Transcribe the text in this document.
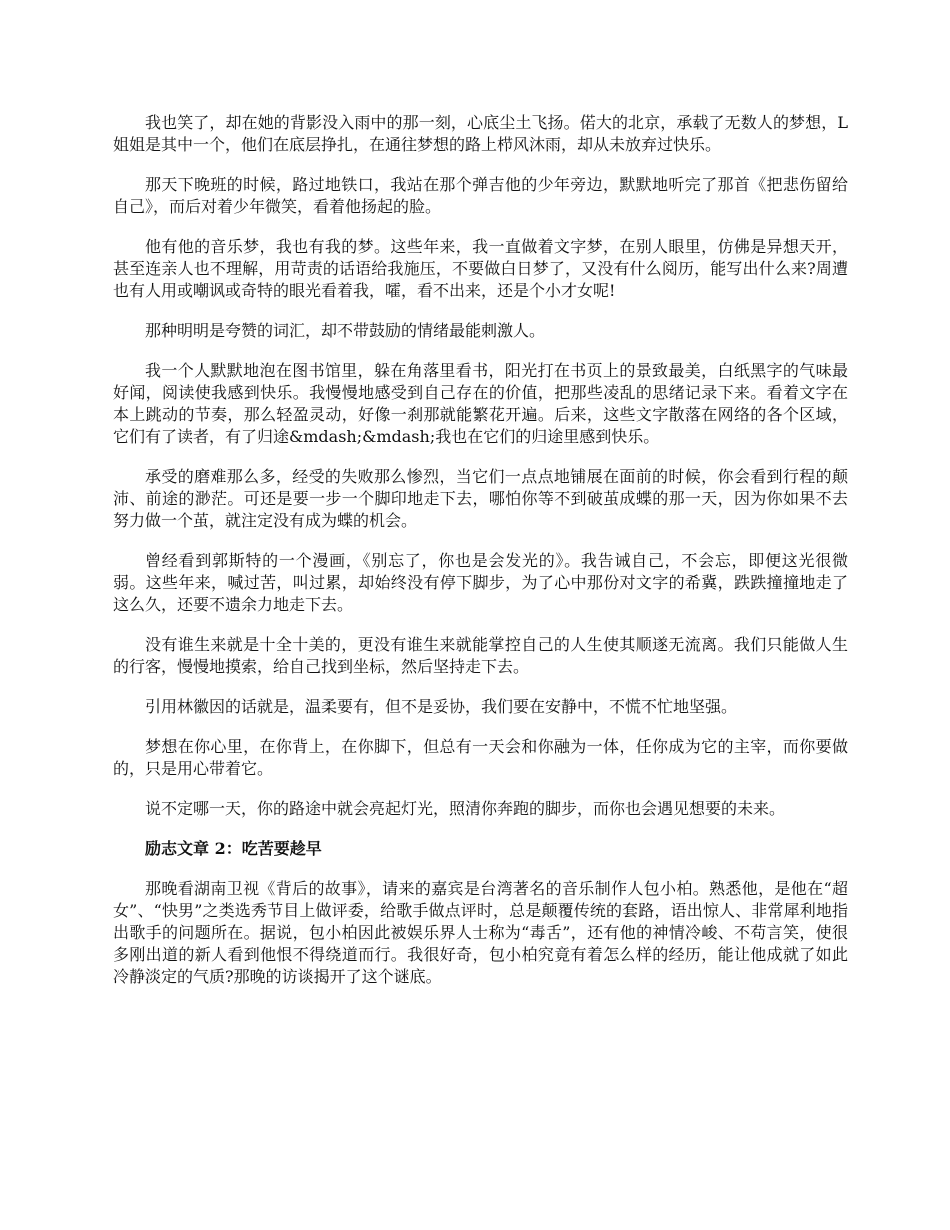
我也笑了，却在她的背影没入雨中的那一刻，心底尘土飞扬。偌大的北京，承载了无数人的梦想，L 姐姐是其中一个，他们在底层挣扎，在通往梦想的路上栉风沐雨，却从未放弃过快乐。

那天下晚班的时候，路过地铁口，我站在那个弹吉他的少年旁边，默默地听完了那首《把悲伤留给自己》，而后对着少年微笑，看着他扬起的脸。

他有他的音乐梦，我也有我的梦。这些年来，我一直做着文字梦，在别人眼里，仿佛是异想天开，甚至连亲人也不理解，用苛责的话语给我施压，不要做白日梦了，又没有什么阅历，能写出什么来?周遭也有人用或嘲讽或奇特的眼光看着我，嚯，看不出来，还是个小才女呢!

那种明明是夸赞的词汇，却不带鼓励的情绪最能刺激人。

我一个人默默地泡在图书馆里，躲在角落里看书，阳光打在书页上的景致最美，白纸黑字的气味最好闻，阅读使我感到快乐。我慢慢地感受到自己存在的价值，把那些凌乱的思绪记录下来。看着文字在本上跳动的节奏，那么轻盈灵动，好像一刹那就能繁花开遍。后来，这些文字散落在网络的各个区域，它们有了读者，有了归途&mdash;&mdash;我也在它们的归途里感到快乐。

承受的磨难那么多，经受的失败那么惨烈，当它们一点点地铺展在面前的时候，你会看到行程的颠沛、前途的渺茫。可还是要一步一个脚印地走下去，哪怕你等不到破茧成蝶的那一天，因为你如果不去努力做一个茧，就注定没有成为蝶的机会。

曾经看到郭斯特的一个漫画，《别忘了，你也是会发光的》。我告诫自己，不会忘，即便这光很微弱。这些年来，喊过苦，叫过累，却始终没有停下脚步，为了心中那份对文字的希冀，跌跌撞撞地走了这么久，还要不遗余力地走下去。

没有谁生来就是十全十美的，更没有谁生来就能掌控自己的人生使其顺遂无流离。我们只能做人生的行客，慢慢地摸索，给自己找到坐标，然后坚持走下去。

引用林徽因的话就是，温柔要有，但不是妥协，我们要在安静中，不慌不忙地坚强。

梦想在你心里，在你背上，在你脚下，但总有一天会和你融为一体，任你成为它的主宰，而你要做的，只是用心带着它。

说不定哪一天，你的路途中就会亮起灯光，照清你奔跑的脚步，而你也会遇见想要的未来。

励志文章 2：吃苦要趁早

那晚看湖南卫视《背后的故事》，请来的嘉宾是台湾著名的音乐制作人包小柏。熟悉他，是他在“超女”、“快男”之类选秀节目上做评委，给歌手做点评时，总是颠覆传统的套路，语出惊人、非常犀利地指出歌手的问题所在。据说，包小柏因此被娱乐界人士称为“毒舌”，还有他的神情冷峻、不苟言笑，使很多刚出道的新人看到他恨不得绕道而行。我很好奇，包小柏究竟有着怎么样的经历，能让他成就了如此冷静淡定的气质?那晚的访谈揭开了这个谜底。
